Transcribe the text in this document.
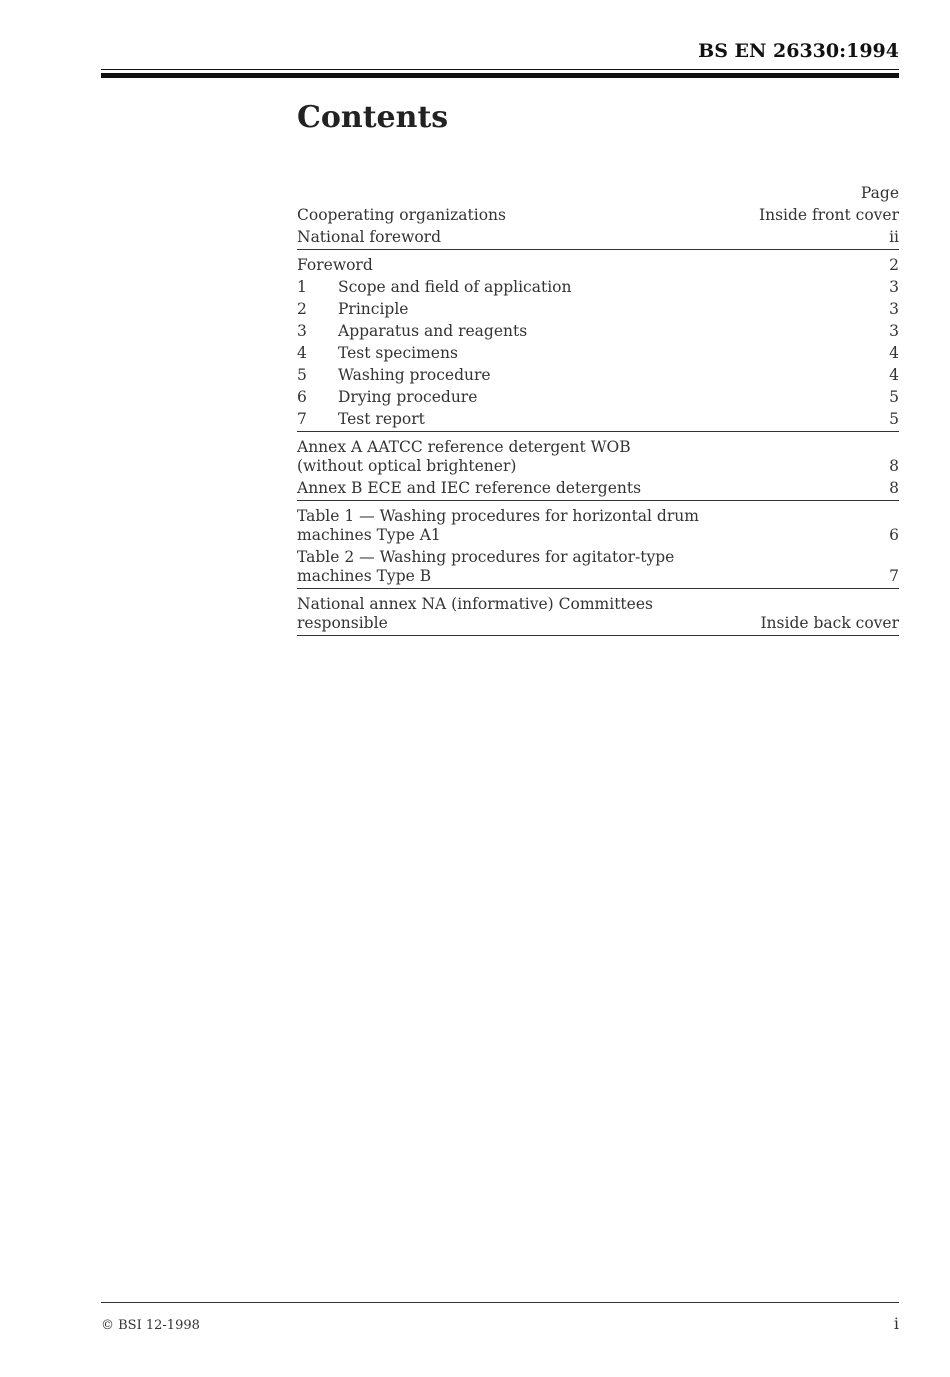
BS EN 26330:1994
Contents
Page
Cooperating organizations	Inside front cover
National foreword	ii
Foreword	2
1 Scope and field of application	3
2 Principle	3
3 Apparatus and reagents	3
4 Test specimens	4
5 Washing procedure	4
6 Drying procedure	5
7 Test report	5
Annex A AATCC reference detergent WOB
(without optical brightener)	8
Annex B ECE and IEC reference detergents	8
Table 1 — Washing procedures for horizontal drum
machines Type A1	6
Table 2 — Washing procedures for agitator-type
machines Type B	7
National annex NA (informative) Committees responsible	Inside back cover
© BSI 12-1998	i
